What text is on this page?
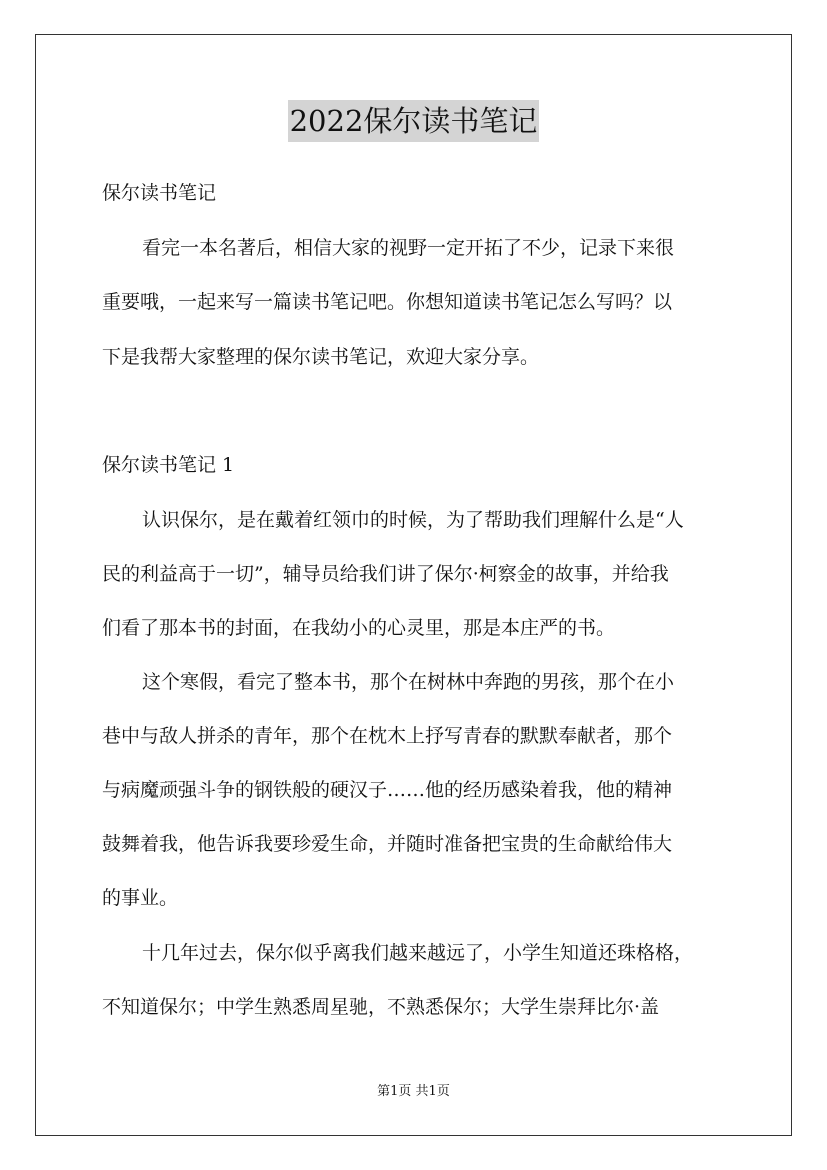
2022保尔读书笔记
保尔读书笔记
看完一本名著后，相信大家的视野一定开拓了不少，记录下来很
重要哦，一起来写一篇读书笔记吧。你想知道读书笔记怎么写吗？以
下是我帮大家整理的保尔读书笔记，欢迎大家分享。
保尔读书笔记 1
认识保尔，是在戴着红领巾的时候，为了帮助我们理解什么是“人
民的利益高于一切”，辅导员给我们讲了保尔·柯察金的故事，并给我
们看了那本书的封面，在我幼小的心灵里，那是本庄严的书。
这个寒假，看完了整本书，那个在树林中奔跑的男孩，那个在小
巷中与敌人拼杀的青年，那个在枕木上抒写青春的默默奉献者，那个
与病魔顽强斗争的钢铁般的硬汉子……他的经历感染着我，他的精神
鼓舞着我，他告诉我要珍爱生命，并随时准备把宝贵的生命献给伟大
的事业。
十几年过去，保尔似乎离我们越来越远了，小学生知道还珠格格，
不知道保尔；中学生熟悉周星驰，不熟悉保尔；大学生崇拜比尔·盖
第1页 共1页
